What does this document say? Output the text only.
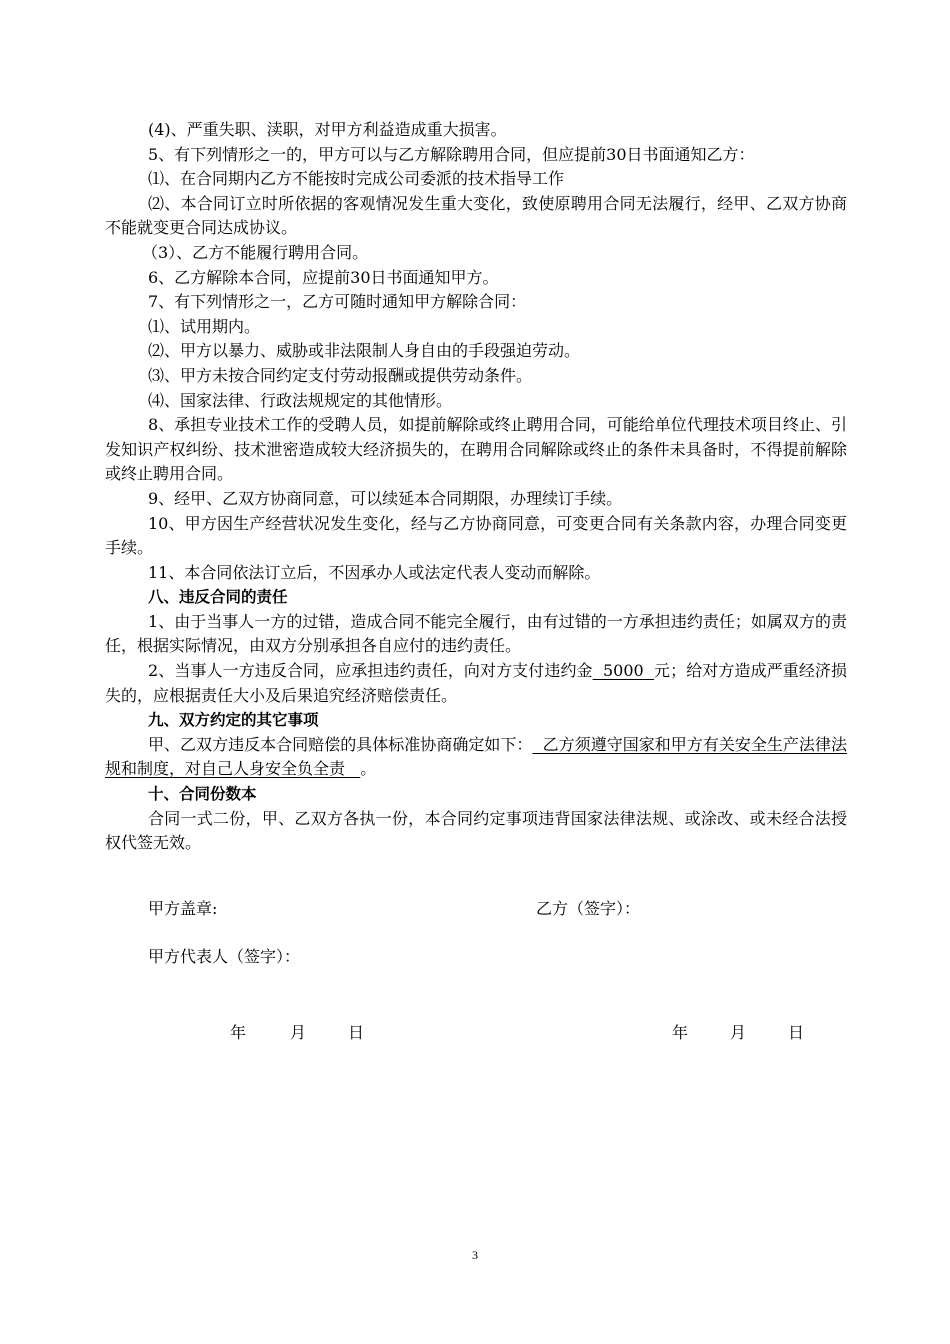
(4)、严重失职、渎职，对甲方利益造成重大损害。

5、有下列情形之一的，甲方可以与乙方解除聘用合同，但应提前30日书面通知乙方：

⑴、在合同期内乙方不能按时完成公司委派的技术指导工作

⑵、本合同订立时所依据的客观情况发生重大变化，致使原聘用合同无法履行，经甲、乙双方协商不能就变更合同达成协议。

（3）、乙方不能履行聘用合同。

6、乙方解除本合同，应提前30日书面通知甲方。

7、有下列情形之一，乙方可随时通知甲方解除合同：

⑴、试用期内。

⑵、甲方以暴力、威胁或非法限制人身自由的手段强迫劳动。

⑶、甲方未按合同约定支付劳动报酬或提供劳动条件。

⑷、国家法律、行政法规规定的其他情形。

8、承担专业技术工作的受聘人员，如提前解除或终止聘用合同，可能给单位代理技术项目终止、引发知识产权纠纷、技术泄密造成较大经济损失的，在聘用合同解除或终止的条件未具备时，不得提前解除或终止聘用合同。

9、经甲、乙双方协商同意，可以续延本合同期限，办理续订手续。

10、甲方因生产经营状况发生变化，经与乙方协商同意，可变更合同有关条款内容，办理合同变更手续。

11、本合同依法订立后，不因承办人或法定代表人变动而解除。

八、违反合同的责任

1、由于当事人一方的过错，造成合同不能完全履行，由有过错的一方承担违约责任；如属双方的责任，根据实际情况，由双方分别承担各自应付的违约责任。

2、当事人一方违反合同，应承担违约责任，向对方支付违约金  5000  元；给对方造成严重经济损失的，应根据责任大小及后果追究经济赔偿责任。

九、双方约定的其它事项

甲、乙双方违反本合同赔偿的具体标准协商确定如下：  乙方须遵守国家和甲方有关安全生产法律法规和制度，对自己人身安全负全责   。

十、合同份数本

合同一式二份，甲、乙双方各执一份，本合同约定事项违背国家法律法规、或涂改、或未经合法授权代签无效。

甲方盖章:	乙方（签字）：
甲方代表人（签字）：
年	月	日	年	月	日
3
